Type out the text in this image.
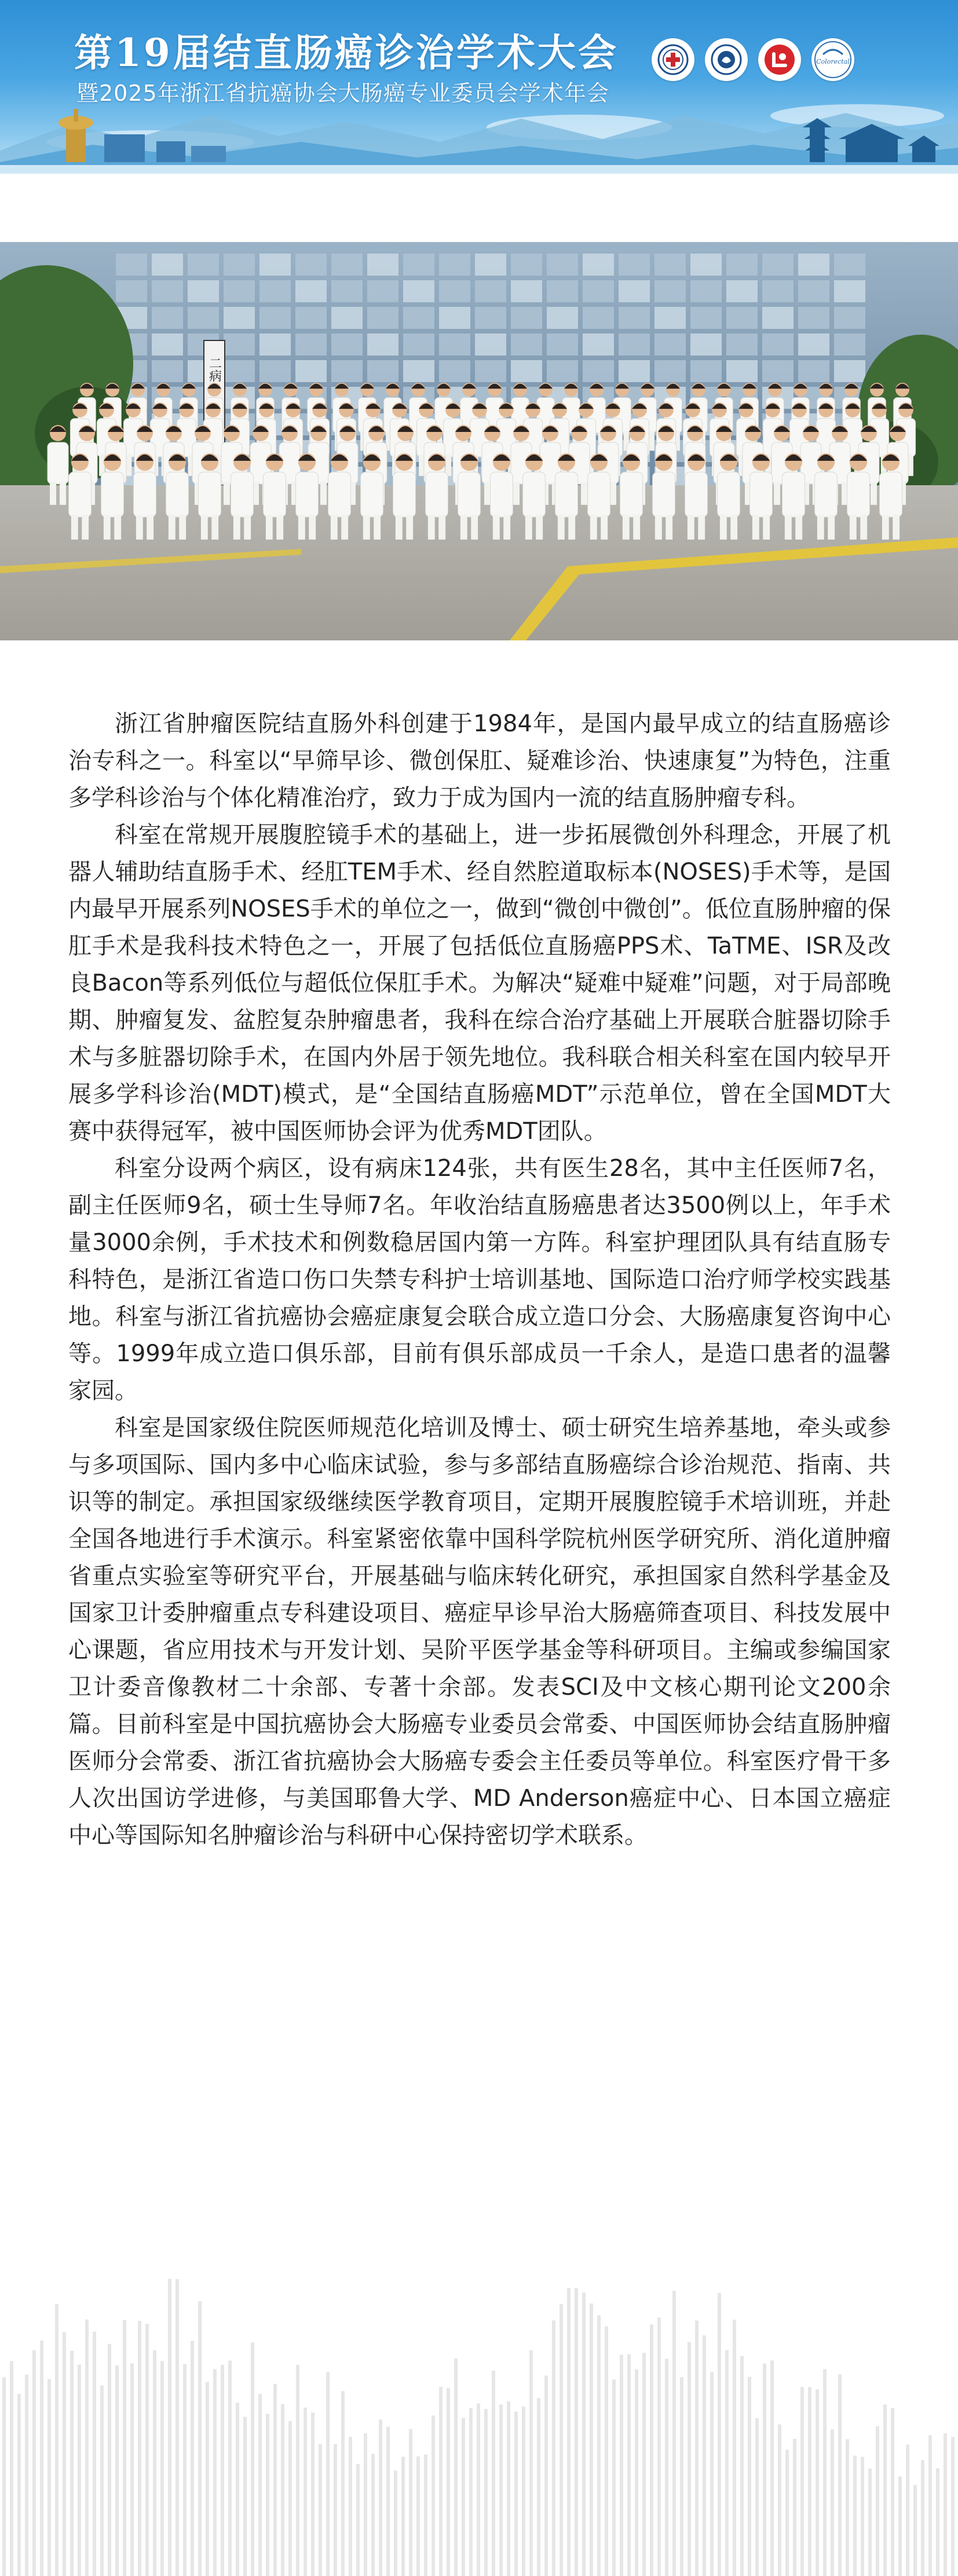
第19届结直肠癌诊治学术大会
暨2025年浙江省抗癌协会大肠癌专业委员会学术年会
Colorectal
二病

浙江省肿瘤医院结直肠外科创建于1984年，是国内最早成立的结直肠癌诊治专科之一。科室以“早筛早诊、微创保肛、疑难诊治、快速康复”为特色，注重多学科诊治与个体化精准治疗，致力于成为国内一流的结直肠肿瘤专科。

科室在常规开展腹腔镜手术的基础上，进一步拓展微创外科理念，开展了机器人辅助结直肠手术、经肛TEM手术、经自然腔道取标本(NOSES)手术等，是国内最早开展系列NOSES手术的单位之一，做到“微创中微创”。低位直肠肿瘤的保肛手术是我科技术特色之一，开展了包括低位直肠癌PPS术、TaTME、ISR及改良Bacon等系列低位与超低位保肛手术。为解决“疑难中疑难”问题，对于局部晚期、肿瘤复发、盆腔复杂肿瘤患者，我科在综合治疗基础上开展联合脏器切除手术与多脏器切除手术，在国内外居于领先地位。我科联合相关科室在国内较早开展多学科诊治(MDT)模式，是“全国结直肠癌MDT”示范单位，曾在全国MDT大赛中获得冠军，被中国医师协会评为优秀MDT团队。

科室分设两个病区，设有病床124张，共有医生28名，其中主任医师7名，副主任医师9名，硕士生导师7名。年收治结直肠癌患者达3500例以上，年手术量3000余例，手术技术和例数稳居国内第一方阵。科室护理团队具有结直肠专科特色，是浙江省造口伤口失禁专科护士培训基地、国际造口治疗师学校实践基地。科室与浙江省抗癌协会癌症康复会联合成立造口分会、大肠癌康复咨询中心等。1999年成立造口俱乐部，目前有俱乐部成员一千余人，是造口患者的温馨家园。

科室是国家级住院医师规范化培训及博士、硕士研究生培养基地，牵头或参与多项国际、国内多中心临床试验，参与多部结直肠癌综合诊治规范、指南、共识等的制定。承担国家级继续医学教育项目，定期开展腹腔镜手术培训班，并赴全国各地进行手术演示。科室紧密依靠中国科学院杭州医学研究所、消化道肿瘤省重点实验室等研究平台，开展基础与临床转化研究，承担国家自然科学基金及国家卫计委肿瘤重点专科建设项目、癌症早诊早治大肠癌筛查项目、科技发展中心课题，省应用技术与开发计划、吴阶平医学基金等科研项目。主编或参编国家卫计委音像教材二十余部、专著十余部。发表SCI及中文核心期刊论文200余篇。目前科室是中国抗癌协会大肠癌专业委员会常委、中国医师协会结直肠肿瘤医师分会常委、浙江省抗癌协会大肠癌专委会主任委员等单位。科室医疗骨干多人次出国访学进修，与美国耶鲁大学、MD Anderson癌症中心、日本国立癌症中心等国际知名肿瘤诊治与科研中心保持密切学术联系。
